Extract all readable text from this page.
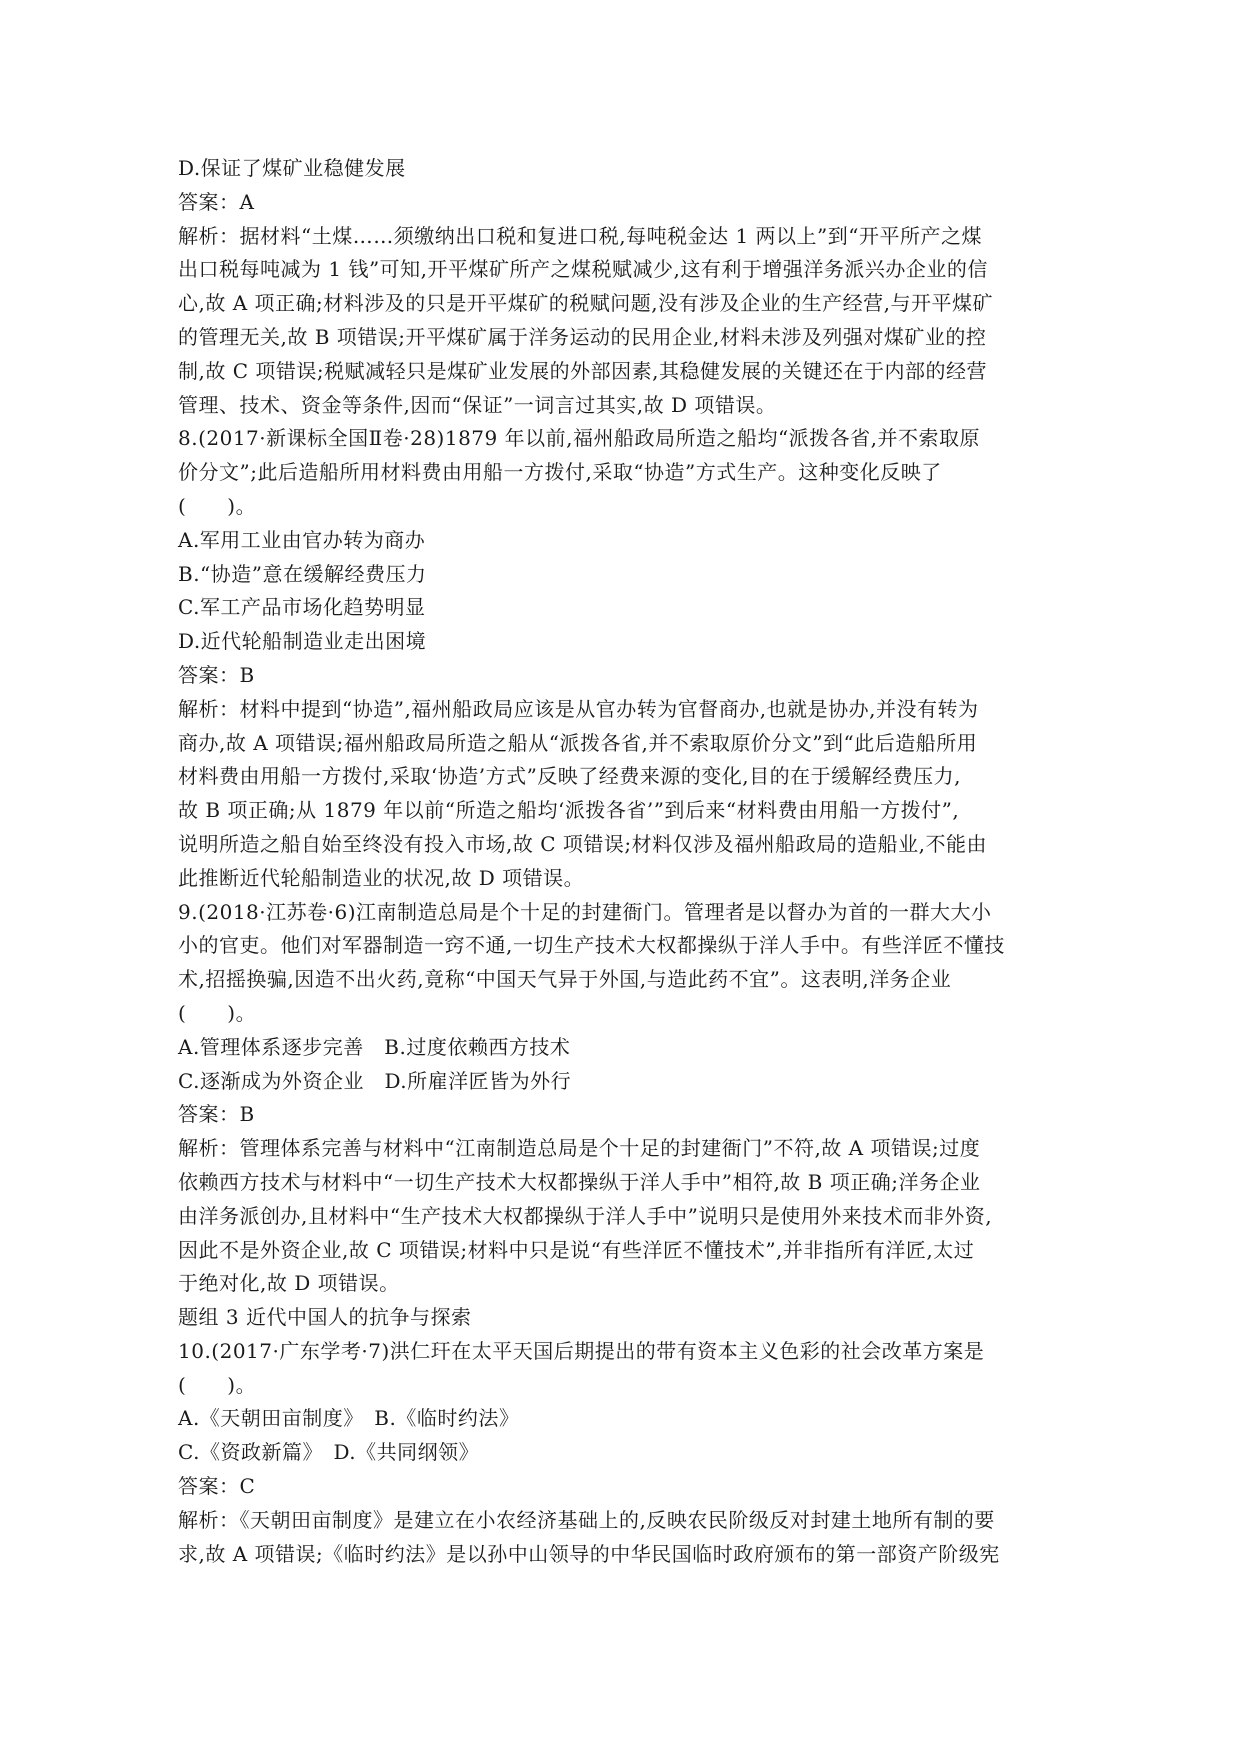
D.保证了煤矿业稳健发展
答案：A
解析：据材料“土煤……须缴纳出口税和复进口税,每吨税金达 1 两以上”到“开平所产之煤
出口税每吨减为 1 钱”可知,开平煤矿所产之煤税赋减少,这有利于增强洋务派兴办企业的信
心,故 A 项正确;材料涉及的只是开平煤矿的税赋问题,没有涉及企业的生产经营,与开平煤矿
的管理无关,故 B 项错误;开平煤矿属于洋务运动的民用企业,材料未涉及列强对煤矿业的控
制,故 C 项错误;税赋减轻只是煤矿业发展的外部因素,其稳健发展的关键还在于内部的经营
管理、技术、资金等条件,因而“保证”一词言过其实,故 D 项错误。
8.(2017·新课标全国Ⅱ卷·28)1879 年以前,福州船政局所造之船均“派拨各省,并不索取原
价分文”;此后造船所用材料费由用船一方拨付,采取“协造”方式生产。这种变化反映了
(　　)。
A.军用工业由官办转为商办
B.“协造”意在缓解经费压力
C.军工产品市场化趋势明显
D.近代轮船制造业走出困境
答案：B
解析：材料中提到“协造”,福州船政局应该是从官办转为官督商办,也就是协办,并没有转为
商办,故 A 项错误;福州船政局所造之船从“派拨各省,并不索取原价分文”到“此后造船所用
材料费由用船一方拨付,采取‘协造’方式”反映了经费来源的变化,目的在于缓解经费压力,
故 B 项正确;从 1879 年以前“所造之船均‘派拨各省’”到后来“材料费由用船一方拨付”,
说明所造之船自始至终没有投入市场,故 C 项错误;材料仅涉及福州船政局的造船业,不能由
此推断近代轮船制造业的状况,故 D 项错误。
9.(2018·江苏卷·6)江南制造总局是个十足的封建衙门。管理者是以督办为首的一群大大小
小的官吏。他们对军器制造一窍不通,一切生产技术大权都操纵于洋人手中。有些洋匠不懂技
术,招摇换骗,因造不出火药,竟称“中国天气异于外国,与造此药不宜”。这表明,洋务企业
(　　)。
A.管理体系逐步完善　B.过度依赖西方技术
C.逐渐成为外资企业　D.所雇洋匠皆为外行
答案：B
解析：管理体系完善与材料中“江南制造总局是个十足的封建衙门”不符,故 A 项错误;过度
依赖西方技术与材料中“一切生产技术大权都操纵于洋人手中”相符,故 B 项正确;洋务企业
由洋务派创办,且材料中“生产技术大权都操纵于洋人手中”说明只是使用外来技术而非外资,
因此不是外资企业,故 C 项错误;材料中只是说“有些洋匠不懂技术”,并非指所有洋匠,太过
于绝对化,故 D 项错误。
题组 3 近代中国人的抗争与探索
10.(2017·广东学考·7)洪仁玕在太平天国后期提出的带有资本主义色彩的社会改革方案是
(　　)。
A.《天朝田亩制度》　B.《临时约法》
C.《资政新篇》　D.《共同纲领》
答案：C
解析：《天朝田亩制度》是建立在小农经济基础上的,反映农民阶级反对封建土地所有制的要
求,故 A 项错误;《临时约法》是以孙中山领导的中华民国临时政府颁布的第一部资产阶级宪
